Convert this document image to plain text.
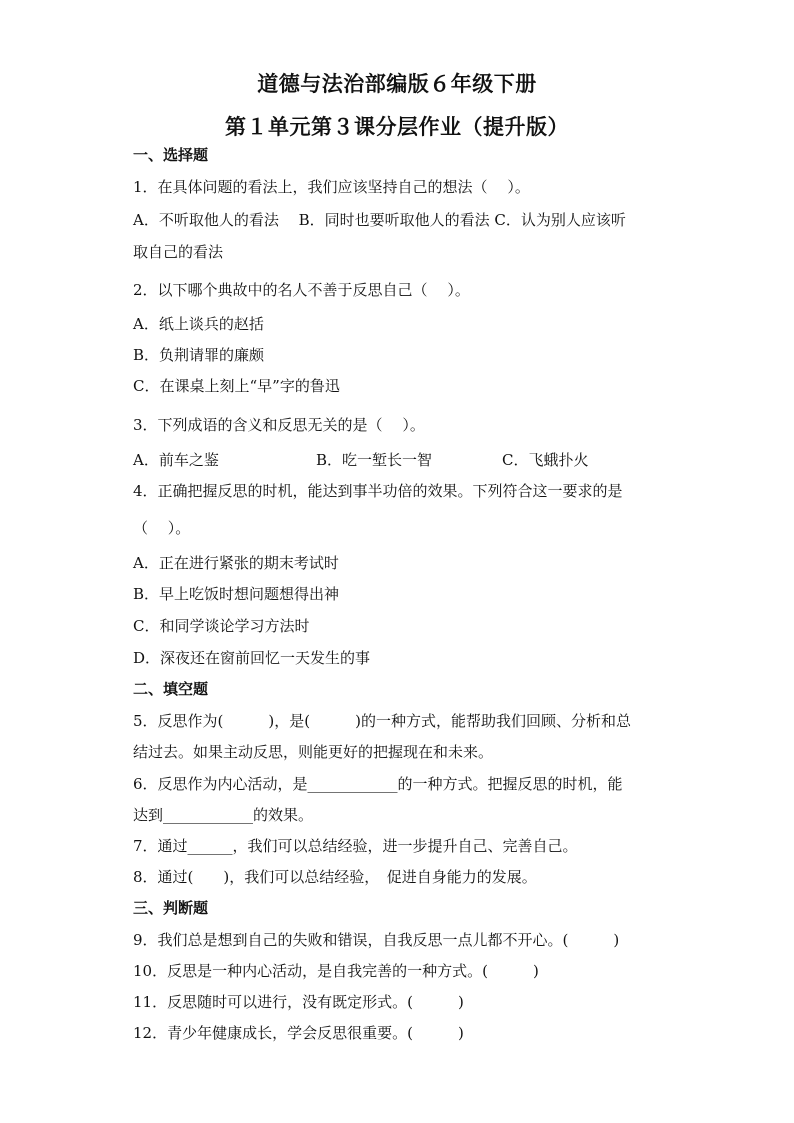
道德与法治部编版６年级下册
第１单元第３课分层作业（提升版）
一、选择题
1．在具体问题的看法上，我们应该坚持自己的想法（　 ）。
A．不听取他人的看法　 B．同时也要听取他人的看法 C．认为别人应该听
取自己的看法
2．以下哪个典故中的名人不善于反思自己（　 ）。
A．纸上谈兵的赵括
B．负荆请罪的廉颇
C．在课桌上刻上“早”字的鲁迅
3．下列成语的含义和反思无关的是（　 ）。
A．前车之鉴	B．吃一堑长一智	C．飞蛾扑火
4．正确把握反思的时机，能达到事半功倍的效果。下列符合这一要求的是
（　 ）。
A．正在进行紧张的期末考试时
B．早上吃饭时想问题想得出神
C．和同学谈论学习方法时
D．深夜还在窗前回忆一天发生的事
二、填空题
5．反思作为(　　　)，是(　　　)的一种方式，能帮助我们回顾、分析和总
结过去。如果主动反思，则能更好的把握现在和未来。
6．反思作为内心活动，是____________的一种方式。把握反思的时机，能
达到____________的效果。
7．通过______，我们可以总结经验，进一步提升自己、完善自己。
8．通过(　　)，我们可以总结经验，　促进自身能力的发展。
三、判断题
9．我们总是想到自己的失败和错误，自我反思一点儿都不开心。(　　　)
10．反思是一种内心活动，是自我完善的一种方式。(　　　)
11．反思随时可以进行，没有既定形式。(　　　)
12．青少年健康成长，学会反思很重要。(　　　)
